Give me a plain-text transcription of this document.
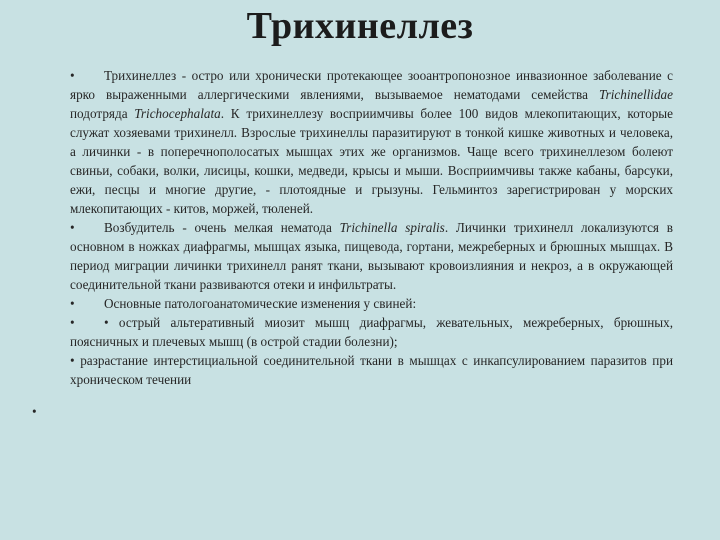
Трихинеллез

• Трихинеллез - остро или хронически протекающее зооантропонозное инвазионное заболевание с ярко выраженными аллергическими явлениями, вызываемое нематодами семейства Trichinellidae подотряда Trichocephalata. К трихинеллезу восприимчивы более 100 видов млекопитающих, которые служат хозяевами трихинелл. Взрослые трихинеллы паразитируют в тонкой кишке животных и человека, а личинки - в поперечнополосатых мышцах этих же организмов. Чаще всего трихинеллезом болеют свиньи, собаки, волки, лисицы, кошки, медведи, крысы и мыши. Восприимчивы также кабаны, барсуки, ежи, песцы и многие другие, - плотоядные и грызуны. Гельминтоз зарегистрирован у морских млекопитающих - китов, моржей, тюленей.

• Возбудитель - очень мелкая нематода Trichinella spiralis. Личинки трихинелл локализуются в основном в ножках диафрагмы, мышцах языка, пищевода, гортани, межреберных и брюшных мышцах. В период миграции личинки трихинелл ранят ткани, вызывают кровоизлияния и некроз, а в окружающей соединительной ткани развиваются отеки и инфильтраты.

• Основные патологоанатомические изменения у свиней:

• • острый альтеративный миозит мышц диафрагмы, жевательных, межреберных, брюшных, поясничных и плечевых мышц (в острой стадии болезни);

• разрастание интерстициальной соединительной ткани в мышцах с инкапсулированием паразитов при хроническом течении

•
